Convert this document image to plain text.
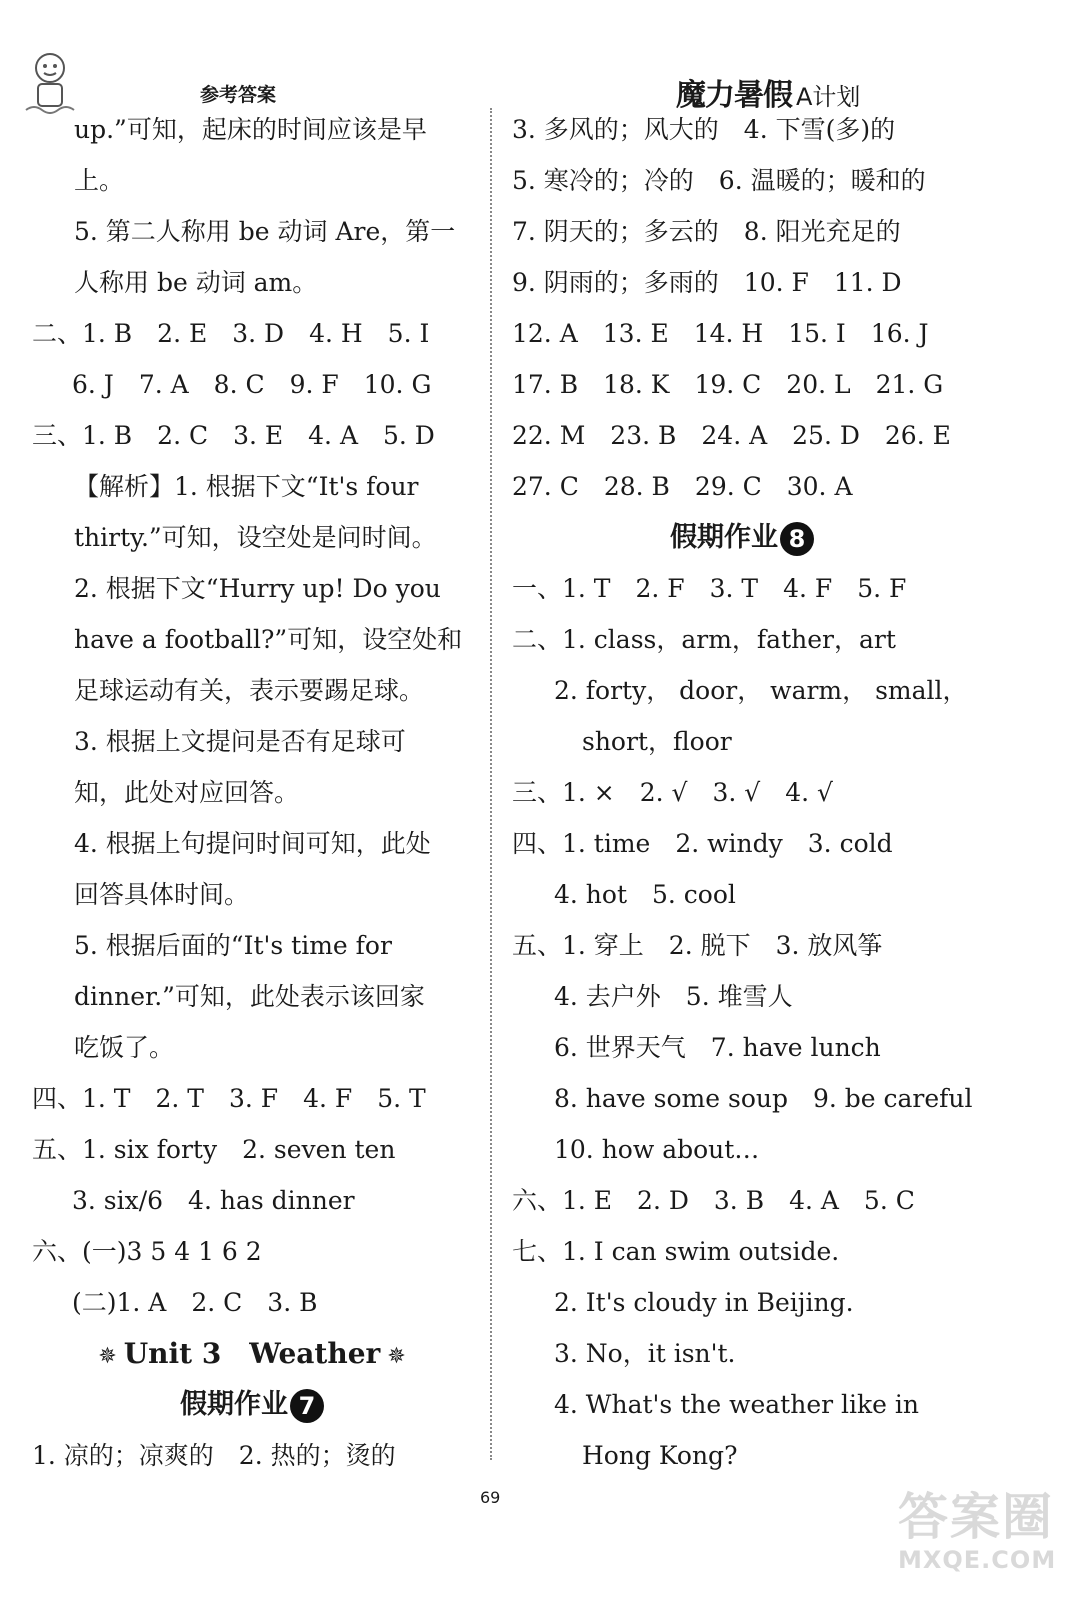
参考答案	魔力暑假 A计划
up.”可知，起床的时间应该是早
上。
5. 第二人称用 be 动词 Are，第一
人称用 be 动词 am。
二、1. B　2. E　3. D　4. H　5. I
6. J　7. A　8. C　9. F　10. G
三、1. B　2. C　3. E　4. A　5. D
【解析】1. 根据下文“It's four
thirty.”可知，设空处是问时间。
2. 根据下文“Hurry up! Do you
have a football?”可知，设空处和
足球运动有关，表示要踢足球。
3. 根据上文提问是否有足球可
知，此处对应回答。
4. 根据上句提问时间可知，此处
回答具体时间。
5. 根据后面的“It's time for
dinner.”可知，此处表示该回家
吃饭了。
四、1. T　2. T　3. F　4. F　5. T
五、1. six forty　2. seven ten
3. six/6　4. has dinner
六、(一)3 5 4 1 6 2
(二)1. A　2. C　3. B
✵ Unit 3　Weather ✵
假期作业 7
1. 凉的；凉爽的　2. 热的；烫的
3. 多风的；风大的　4. 下雪(多)的
5. 寒冷的；冷的　6. 温暖的；暖和的
7. 阴天的；多云的　8. 阳光充足的
9. 阴雨的；多雨的　10. F　11. D
12. A　13. E　14. H　15. I　16. J
17. B　18. K　19. C　20. L　21. G
22. M　23. B　24. A　25. D　26. E
27. C　28. B　29. C　30. A
假期作业 8
一、1. T　2. F　3. T　4. F　5. F
二、1. class，arm，father，art
2. forty， door， warm， small，
short，floor
三、1. ×　2. √　3. √　4. √
四、1. time　2. windy　3. cold
4. hot　5. cool
五、1. 穿上　2. 脱下　3. 放风筝
4. 去户外　5. 堆雪人
6. 世界天气　7. have lunch
8. have some soup　9. be careful
10. how about…
六、1. E　2. D　3. B　4. A　5. C
七、1. I can swim outside.
2. It's cloudy in Beijing.
3. No，it isn't.
4. What's the weather like in
Hong Kong?
69	答案圈
MXQE.COM
